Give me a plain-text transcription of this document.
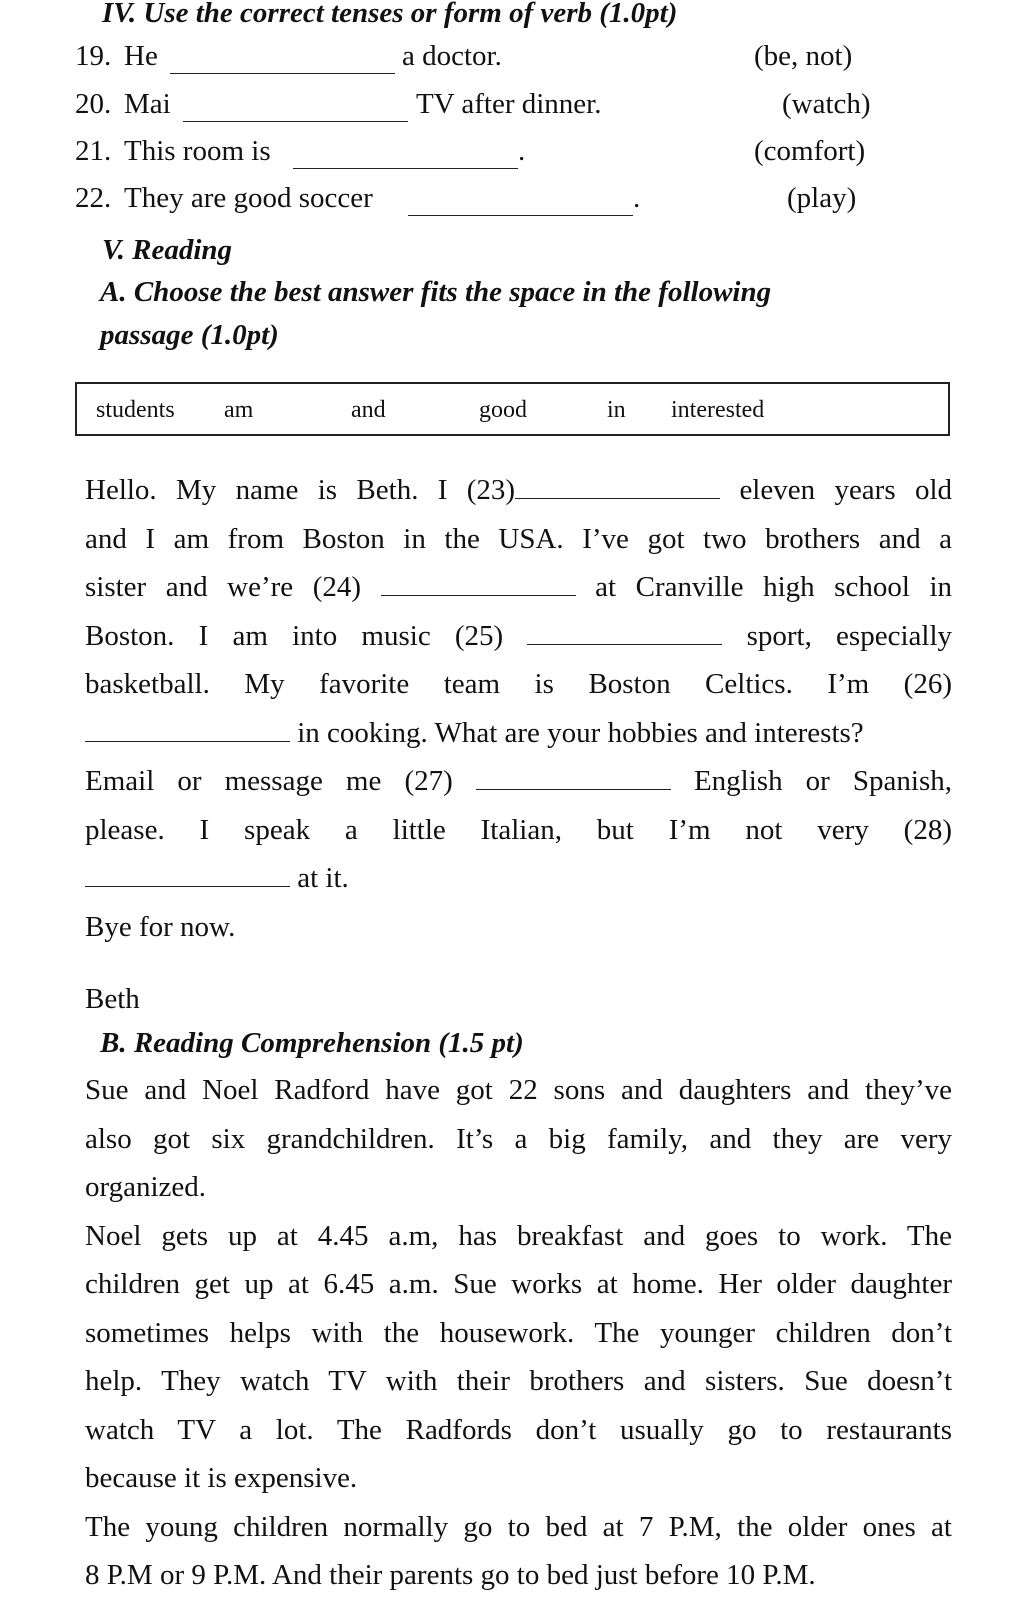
IV. Use the correct tenses or form of verb (1.0pt)
19. He	a doctor.	(be, not)
20. Mai	TV after dinner.	(watch)
21. This room is	.	(comfort)
22. They are good soccer	.	(play)
V. Reading
A. Choose the best answer fits the space in the following
passage (1.0pt)
students am	and	good	in interested
Hello. My name is Beth. I (23)	eleven years old
and I am from Boston in the USA. I’ve got two brothers and a
sister and we’re (24)	at Cranville high school in
Boston. I am into music (25)	sport, especially
basketball. My favorite team is Boston Celtics. I’m (26)
in cooking. What are your hobbies and interests?
Email or message me (27)	English or Spanish,
please. I speak a little Italian, but I’m not very (28)
at it.
Bye for now.
Beth
B. Reading Comprehension (1.5 pt)
Sue and Noel Radford have got 22 sons and daughters and they’ve
also got six grandchildren. It’s a big family, and they are very
organized.
Noel gets up at 4.45 a.m, has breakfast and goes to work. The
children get up at 6.45 a.m. Sue works at home. Her older daughter
sometimes helps with the housework. The younger children don’t
help. They watch TV with their brothers and sisters. Sue doesn’t
watch TV a lot. The Radfords don’t usually go to restaurants
because it is expensive.
The young children normally go to bed at 7 P.M, the older ones at
8 P.M or 9 P.M. And their parents go to bed just before 10 P.M.
